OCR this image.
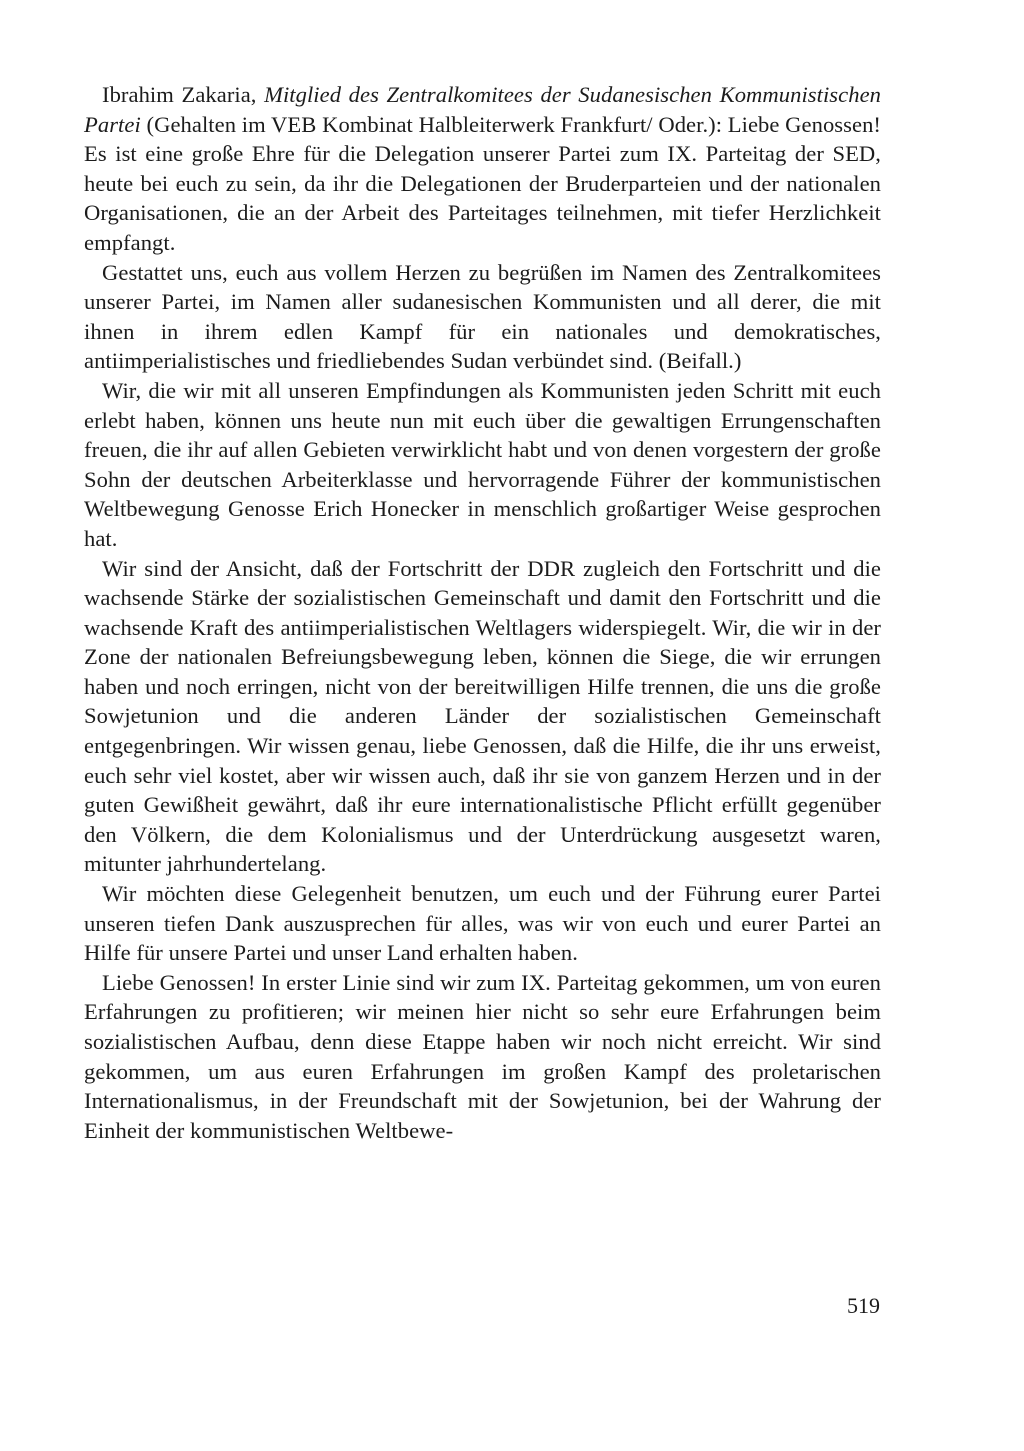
Ibrahim Zakaria, Mitglied des Zentralkomitees der Sudanesischen Kommunistischen Partei (Gehalten im VEB Kombinat Halbleiterwerk Frankfurt/ Oder.): Liebe Genossen! Es ist eine große Ehre für die Delegation unserer Partei zum IX. Parteitag der SED, heute bei euch zu sein, da ihr die Delegationen der Bruderparteien und der nationalen Organisationen, die an der Arbeit des Parteitages teilnehmen, mit tiefer Herzlichkeit empfangt.

Gestattet uns, euch aus vollem Herzen zu begrüßen im Namen des Zentralkomitees unserer Partei, im Namen aller sudanesischen Kommunisten und all derer, die mit ihnen in ihrem edlen Kampf für ein nationales und demokratisches, antiimperialistisches und friedliebendes Sudan verbündet sind. (Beifall.)

Wir, die wir mit all unseren Empfindungen als Kommunisten jeden Schritt mit euch erlebt haben, können uns heute nun mit euch über die gewaltigen Errungenschaften freuen, die ihr auf allen Gebieten verwirklicht habt und von denen vorgestern der große Sohn der deutschen Arbeiterklasse und hervorragende Führer der kommunistischen Weltbewegung Genosse Erich Honecker in menschlich großartiger Weise gesprochen hat.

Wir sind der Ansicht, daß der Fortschritt der DDR zugleich den Fortschritt und die wachsende Stärke der sozialistischen Gemeinschaft und damit den Fortschritt und die wachsende Kraft des antiimperialistischen Weltlagers widerspiegelt. Wir, die wir in der Zone der nationalen Befreiungsbewegung leben, können die Siege, die wir errungen haben und noch erringen, nicht von der bereitwilligen Hilfe trennen, die uns die große Sowjetunion und die anderen Länder der sozialistischen Gemeinschaft entgegenbringen. Wir wissen genau, liebe Genossen, daß die Hilfe, die ihr uns erweist, euch sehr viel kostet, aber wir wissen auch, daß ihr sie von ganzem Herzen und in der guten Gewißheit gewährt, daß ihr eure internationalistische Pflicht erfüllt gegenüber den Völkern, die dem Kolonialismus und der Unterdrückung ausgesetzt waren, mitunter jahrhundertelang.

Wir möchten diese Gelegenheit benutzen, um euch und der Führung eurer Partei unseren tiefen Dank auszusprechen für alles, was wir von euch und eurer Partei an Hilfe für unsere Partei und unser Land erhalten haben.

Liebe Genossen! In erster Linie sind wir zum IX. Parteitag gekommen, um von euren Erfahrungen zu profitieren; wir meinen hier nicht so sehr eure Erfahrungen beim sozialistischen Aufbau, denn diese Etappe haben wir noch nicht erreicht. Wir sind gekommen, um aus euren Erfahrungen im großen Kampf des proletarischen Internationalismus, in der Freundschaft mit der Sowjetunion, bei der Wahrung der Einheit der kommunistischen Weltbewe-

519
